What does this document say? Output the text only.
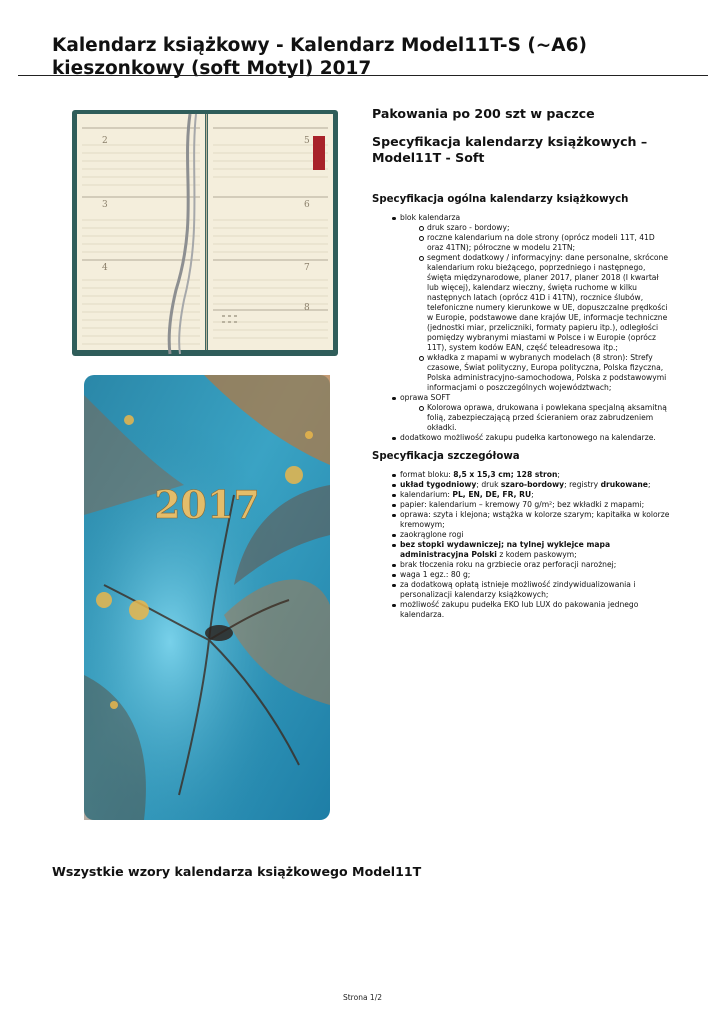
Kalendarz książkowy - Kalendarz Model11T-S (~A6) kieszonkowy (soft Motyl) 2017
2
3
4
5
6
7
8
2017
Pakowania po 200 szt w paczce
Specyfikacja kalendarzy książkowych – Model11T - Soft
Specyfikacja ogólna kalendarzy książkowych
blok kalendarza
druk szaro - bordowy;
roczne kalendarium na dole strony (oprócz modeli 11T, 41D oraz 41TN); półroczne w modelu 21TN;
segment dodatkowy / informacyjny: dane personalne, skrócone kalendarium roku bieżącego, poprzedniego i następnego, święta międzynarodowe, planer 2017, planer 2018 (I kwartał lub więcej), kalendarz wieczny, święta ruchome w kilku następnych latach (oprócz 41D i 41TN), rocznice ślubów, telefoniczne numery kierunkowe w UE, dopuszczalne prędkości w Europie, podstawowe dane krajów UE, informacje techniczne (jednostki miar, przeliczniki, formaty papieru itp.), odległości pomiędzy wybranymi miastami w Polsce i w Europie (oprócz 11T), system kodów EAN, część teleadresowa itp.;
wkładka z mapami w wybranych modelach (8 stron): Strefy czasowe, Świat polityczny, Europa polityczna, Polska fizyczna, Polska administracyjno-samochodowa, Polska z podstawowymi informacjami o poszczególnych województwach;
oprawa SOFT
Kolorowa oprawa, drukowana i powlekana specjalną aksamitną folią, zabezpieczającą przed ścieraniem oraz zabrudzeniem okładki.
dodatkowo możliwość zakupu pudełka kartonowego na kalendarze.
Specyfikacja szczegółowa
format bloku: 8,5 x 15,3 cm; 128 stron;
układ tygodniowy; druk szaro-bordowy; registry drukowane;
kalendarium: PL, EN, DE, FR, RU;
papier: kalendarium – kremowy 70 g/m²; bez wkładki z mapami;
oprawa: szyta i klejona; wstążka w kolorze szarym; kapitałka w kolorze kremowym;
zaokrąglone rogi
bez stopki wydawniczej; na tylnej wyklejce mapa administracyjna Polski z kodem paskowym;
brak tłoczenia roku na grzbiecie oraz perforacji narożnej;
waga 1 egz.: 80 g;
za dodatkową opłatą istnieje możliwość zindywidualizowania i personalizacji kalendarzy książkowych;
możliwość zakupu pudełka EKO lub LUX do pakowania jednego kalendarza.
Wszystkie wzory kalendarza książkowego Model11T
Strona 1/2
